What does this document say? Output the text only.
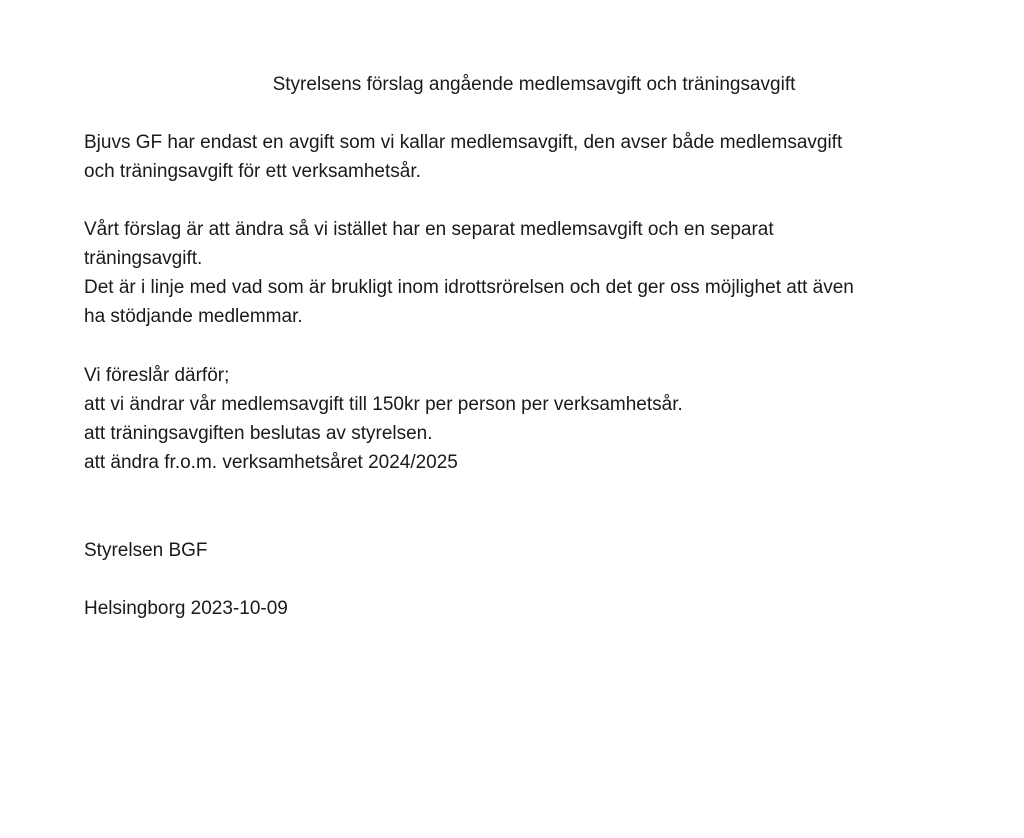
Styrelsens förslag angående medlemsavgift och träningsavgift
Bjuvs GF har endast en avgift som vi kallar medlemsavgift, den avser både medlemsavgift
och träningsavgift för ett verksamhetsår.
Vårt förslag är att ändra så vi istället har en separat medlemsavgift och en separat
träningsavgift.
Det är i linje med vad som är brukligt inom idrottsrörelsen och det ger oss möjlighet att även
ha stödjande medlemmar.
Vi föreslår därför;
att vi ändrar vår medlemsavgift till 150kr per person per verksamhetsår.
att träningsavgiften beslutas av styrelsen.
att ändra fr.o.m. verksamhetsåret 2024/2025
Styrelsen BGF
Helsingborg 2023-10-09
